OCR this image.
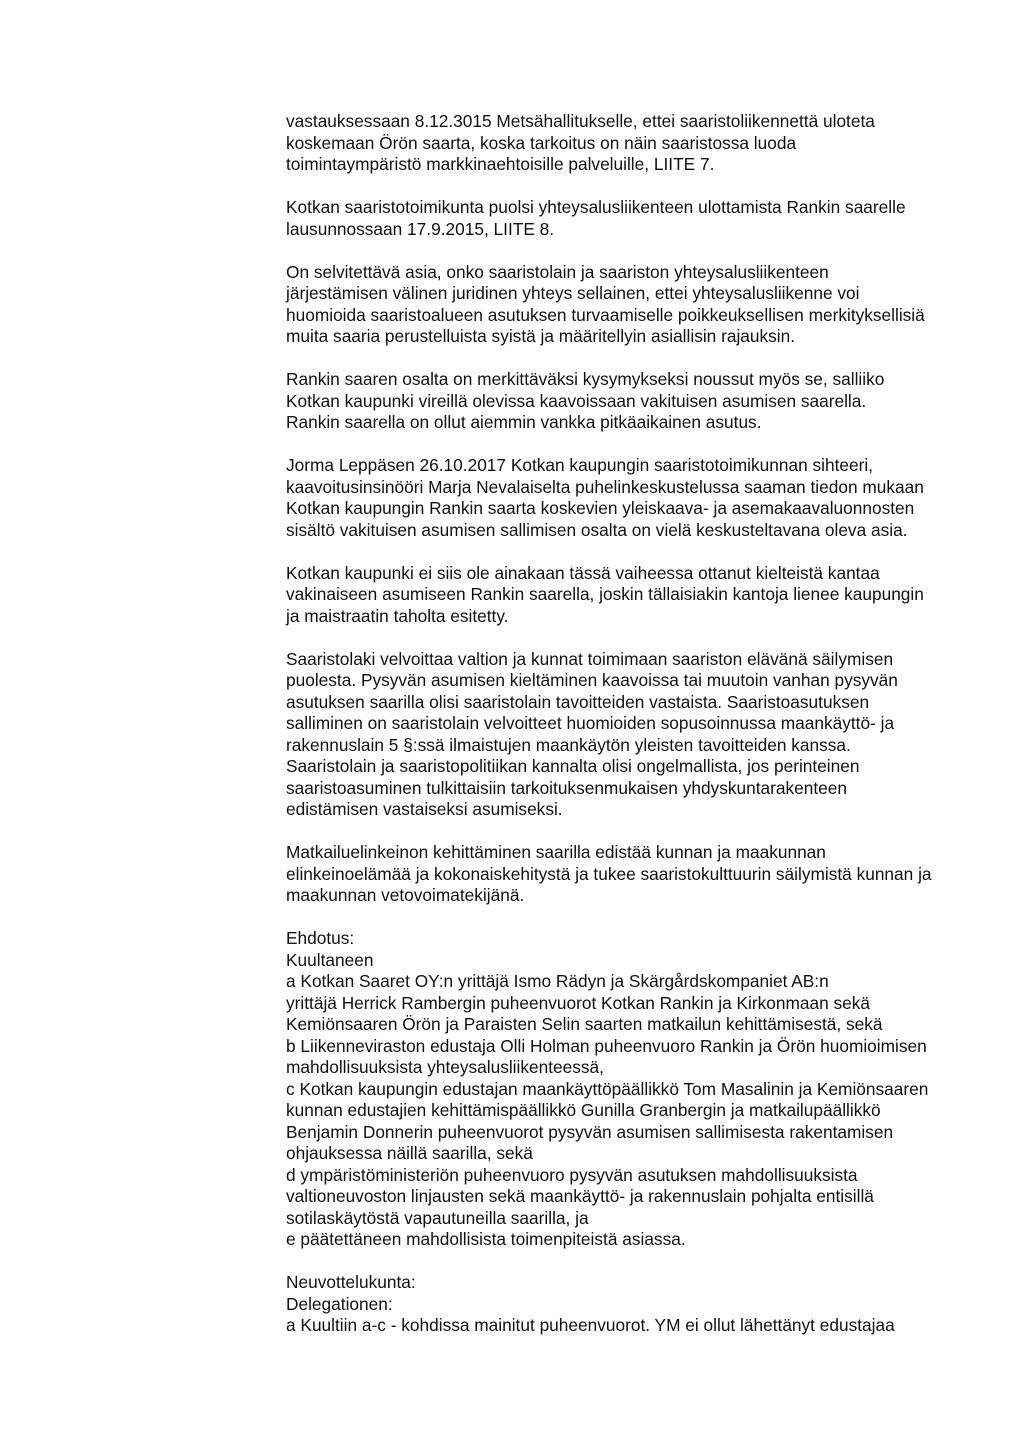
vastauksessaan 8.12.3015 Metsähallitukselle, ettei saaristoliikennettä uloteta
koskemaan Örön saarta, koska tarkoitus on näin saaristossa luoda
toimintaympäristö markkinaehtoisille palveluille, LIITE 7.
Kotkan saaristotoimikunta puolsi yhteysalusliikenteen ulottamista Rankin saarelle
lausunnossaan 17.9.2015, LIITE 8.
On selvitettävä asia, onko saaristolain ja saariston yhteysalusliikenteen
järjestämisen välinen juridinen yhteys sellainen, ettei yhteysalusliikenne voi
huomioida saaristoalueen asutuksen turvaamiselle poikkeuksellisen merkityksellisiä
muita saaria perustelluista syistä ja määritellyin asiallisin rajauksin.
Rankin saaren osalta on merkittäväksi kysymykseksi noussut myös se, salliiko
Kotkan kaupunki vireillä olevissa kaavoissaan vakituisen asumisen saarella.
Rankin saarella on ollut aiemmin vankka pitkäaikainen asutus.
Jorma Leppäsen 26.10.2017 Kotkan kaupungin saaristotoimikunnan sihteeri,
kaavoitusinsinööri Marja Nevalaiselta puhelinkeskustelussa saaman tiedon mukaan
Kotkan kaupungin Rankin saarta koskevien yleiskaava- ja asemakaavaluonnosten
sisältö vakituisen asumisen sallimisen osalta on vielä keskusteltavana oleva asia.
Kotkan kaupunki ei siis ole ainakaan tässä vaiheessa ottanut kielteistä kantaa
vakinaiseen asumiseen Rankin saarella, joskin tällaisiakin kantoja lienee kaupungin
ja maistraatin taholta esitetty.
Saaristolaki velvoittaa valtion ja kunnat toimimaan saariston elävänä säilymisen
puolesta. Pysyvän asumisen kieltäminen kaavoissa tai muutoin vanhan pysyvän
asutuksen saarilla olisi saaristolain tavoitteiden vastaista. Saaristoasutuksen
salliminen on saaristolain velvoitteet huomioiden sopusoinnussa maankäyttö- ja
rakennuslain 5 §:ssä ilmaistujen maankäytön yleisten tavoitteiden kanssa.
Saaristolain ja saaristopolitiikan kannalta olisi ongelmallista, jos perinteinen
saaristoasuminen tulkittaisiin tarkoituksenmukaisen yhdyskuntarakenteen
edistämisen vastaiseksi asumiseksi.
Matkailuelinkeinon kehittäminen saarilla edistää kunnan ja maakunnan
elinkeinoelämää ja kokonaiskehitystä ja tukee saaristokulttuurin säilymistä kunnan ja
maakunnan vetovoimatekijänä.
Ehdotus:
Kuultaneen
a Kotkan Saaret OY:n yrittäjä Ismo Rädyn ja Skärgårdskompaniet AB:n
yrittäjä Herrick Rambergin puheenvuorot Kotkan Rankin ja Kirkonmaan sekä
Kemiönsaaren Örön ja Paraisten Selin saarten matkailun kehittämisestä, sekä
b Liikenneviraston edustaja Olli Holman puheenvuoro Rankin ja Örön huomioimisen
mahdollisuuksista yhteysalusliikenteessä,
c Kotkan kaupungin edustajan maankäyttöpäällikkö Tom Masalinin ja Kemiönsaaren
kunnan edustajien kehittämispäällikkö Gunilla Granbergin ja matkailupäällikkö
Benjamin Donnerin puheenvuorot pysyvän asumisen sallimisesta rakentamisen
ohjauksessa näillä saarilla, sekä
d ympäristöministeriön puheenvuoro pysyvän asutuksen mahdollisuuksista
valtioneuvoston linjausten sekä maankäyttö- ja rakennuslain pohjalta entisillä
sotilaskäytöstä vapautuneilla saarilla, ja
e päätettäneen mahdollisista toimenpiteistä asiassa.
Neuvottelukunta:
Delegationen:
a Kuultiin a-c - kohdissa mainitut puheenvuorot. YM ei ollut lähettänyt edustajaa
